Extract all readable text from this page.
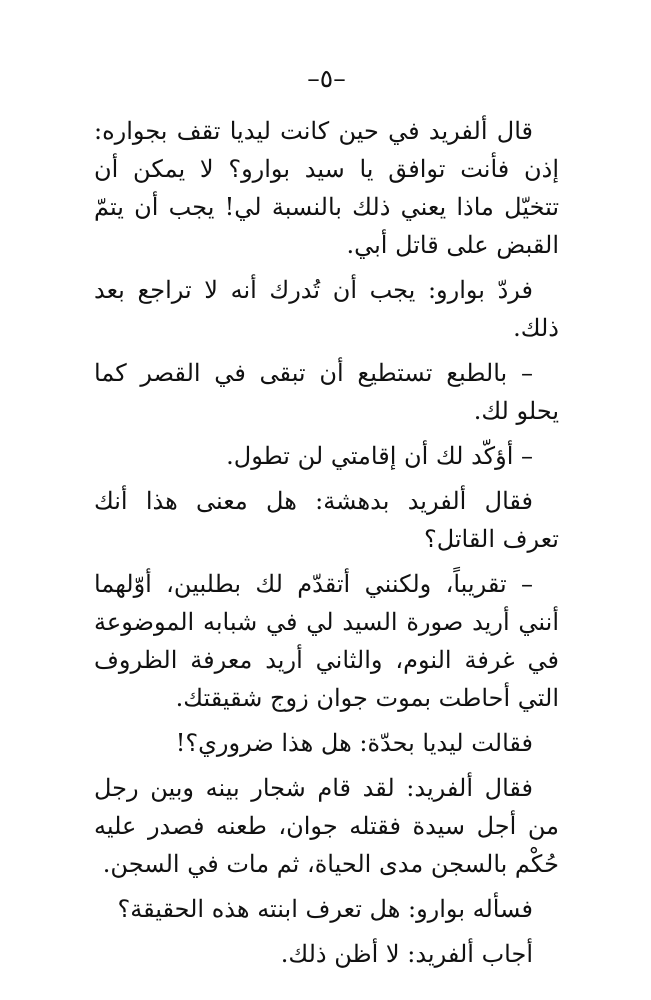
–٥–

قال ألفريد في حين كانت ليديا تقف بجواره: إذن فأنت توافق يا سيد بوارو؟ لا يمكن أن تتخيّل ماذا يعني ذلك بالنسبة لي! يجب أن يتمّ القبض على قاتل أبي.

فردّ بوارو: يجب أن تُدرك أنه لا تراجع بعد ذلك.

– بالطبع تستطيع أن تبقى في القصر كما يحلو لك.

– أؤكّد لك أن إقامتي لن تطول.

فقال ألفريد بدهشة: هل معنى هذا أنك تعرف القاتل؟

– تقريباً، ولكنني أتقدّم لك بطلبين، أوّلهما أنني أريد صورة السيد لي في شبابه الموضوعة في غرفة النوم، والثاني أريد معرفة الظروف التي أحاطت بموت جوان زوج شقيقتك.

فقالت ليديا بحدّة: هل هذا ضروري؟!

فقال ألفريد: لقد قام شجار بينه وبين رجل من أجل سيدة فقتله جوان، طعنه فصدر عليه حُكْم بالسجن مدى الحياة، ثم مات في السجن.

فسأله بوارو: هل تعرف ابنته هذه الحقيقة؟

أجاب ألفريد: لا أظن ذلك.
